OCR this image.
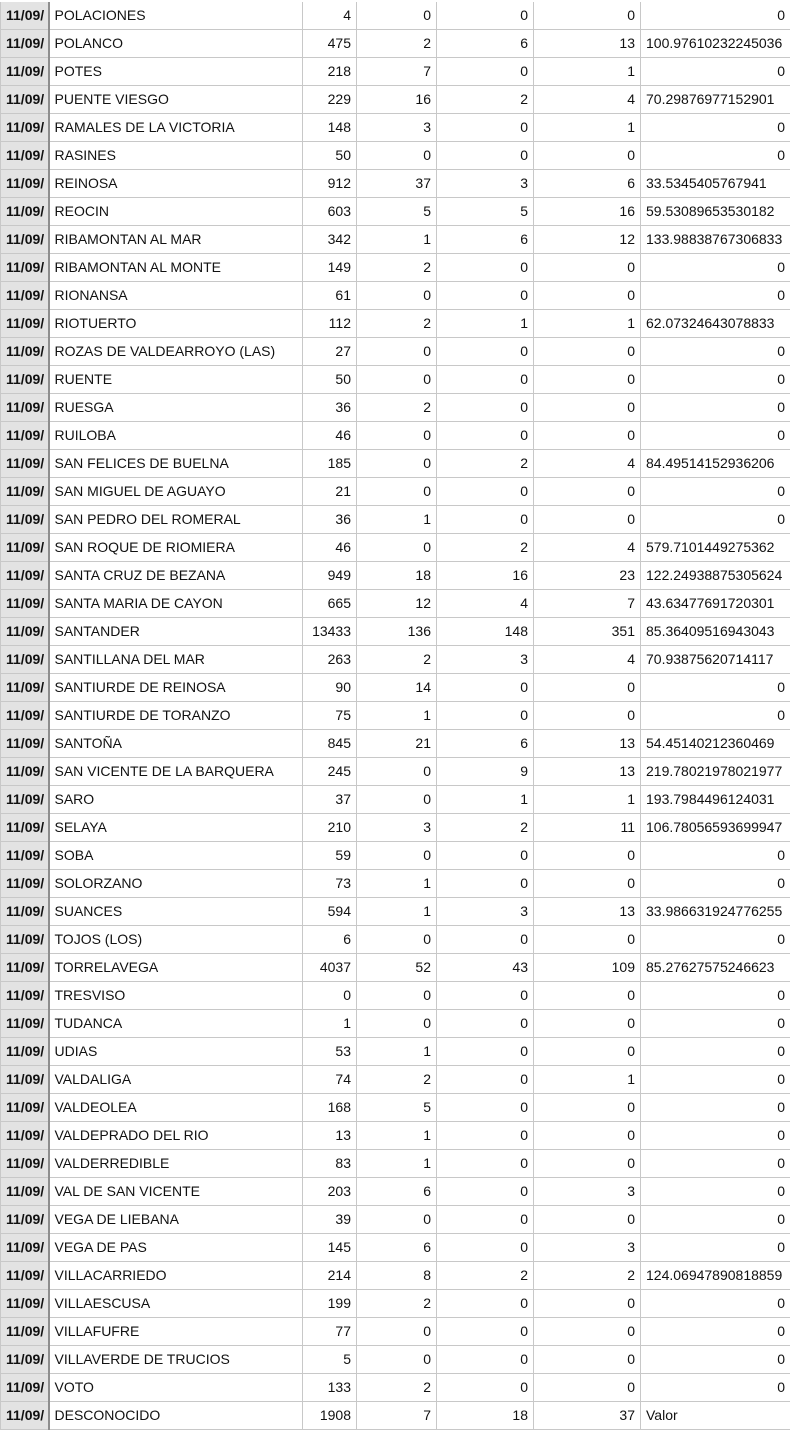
11/09/	POLACIONES	4	0	0	0	0
11/09/	POLANCO	475	2	6	13	100.97610232245036
11/09/	POTES	218	7	0	1	0
11/09/	PUENTE VIESGO	229	16	2	4	70.29876977152901
11/09/	RAMALES DE LA VICTORIA	148	3	0	1	0
11/09/	RASINES	50	0	0	0	0
11/09/	REINOSA	912	37	3	6	33.5345405767941
11/09/	REOCIN	603	5	5	16	59.53089653530182
11/09/	RIBAMONTAN AL MAR	342	1	6	12	133.98838767306833
11/09/	RIBAMONTAN AL MONTE	149	2	0	0	0
11/09/	RIONANSA	61	0	0	0	0
11/09/	RIOTUERTO	112	2	1	1	62.07324643078833
11/09/	ROZAS DE VALDEARROYO (LAS)	27	0	0	0	0
11/09/	RUENTE	50	0	0	0	0
11/09/	RUESGA	36	2	0	0	0
11/09/	RUILOBA	46	0	0	0	0
11/09/	SAN FELICES DE BUELNA	185	0	2	4	84.49514152936206
11/09/	SAN MIGUEL DE AGUAYO	21	0	0	0	0
11/09/	SAN PEDRO DEL ROMERAL	36	1	0	0	0
11/09/	SAN ROQUE DE RIOMIERA	46	0	2	4	579.7101449275362
11/09/	SANTA CRUZ DE BEZANA	949	18	16	23	122.24938875305624
11/09/	SANTA MARIA DE CAYON	665	12	4	7	43.63477691720301
11/09/	SANTANDER	13433	136	148	351	85.36409516943043
11/09/	SANTILLANA DEL MAR	263	2	3	4	70.93875620714117
11/09/	SANTIURDE DE REINOSA	90	14	0	0	0
11/09/	SANTIURDE DE TORANZO	75	1	0	0	0
11/09/	SANTOÑA	845	21	6	13	54.45140212360469
11/09/	SAN VICENTE DE LA BARQUERA	245	0	9	13	219.78021978021977
11/09/	SARO	37	0	1	1	193.7984496124031
11/09/	SELAYA	210	3	2	11	106.78056593699947
11/09/	SOBA	59	0	0	0	0
11/09/	SOLORZANO	73	1	0	0	0
11/09/	SUANCES	594	1	3	13	33.986631924776255
11/09/	TOJOS (LOS)	6	0	0	0	0
11/09/	TORRELAVEGA	4037	52	43	109	85.27627575246623
11/09/	TRESVISO	0	0	0	0	0
11/09/	TUDANCA	1	0	0	0	0
11/09/	UDIAS	53	1	0	0	0
11/09/	VALDALIGA	74	2	0	1	0
11/09/	VALDEOLEA	168	5	0	0	0
11/09/	VALDEPRADO DEL RIO	13	1	0	0	0
11/09/	VALDERREDIBLE	83	1	0	0	0
11/09/	VAL DE SAN VICENTE	203	6	0	3	0
11/09/	VEGA DE LIEBANA	39	0	0	0	0
11/09/	VEGA DE PAS	145	6	0	3	0
11/09/	VILLACARRIEDO	214	8	2	2	124.06947890818859
11/09/	VILLAESCUSA	199	2	0	0	0
11/09/	VILLAFUFRE	77	0	0	0	0
11/09/	VILLAVERDE DE TRUCIOS	5	0	0	0	0
11/09/	VOTO	133	2	0	0	0
11/09/	DESCONOCIDO	1908	7	18	37	Valor
